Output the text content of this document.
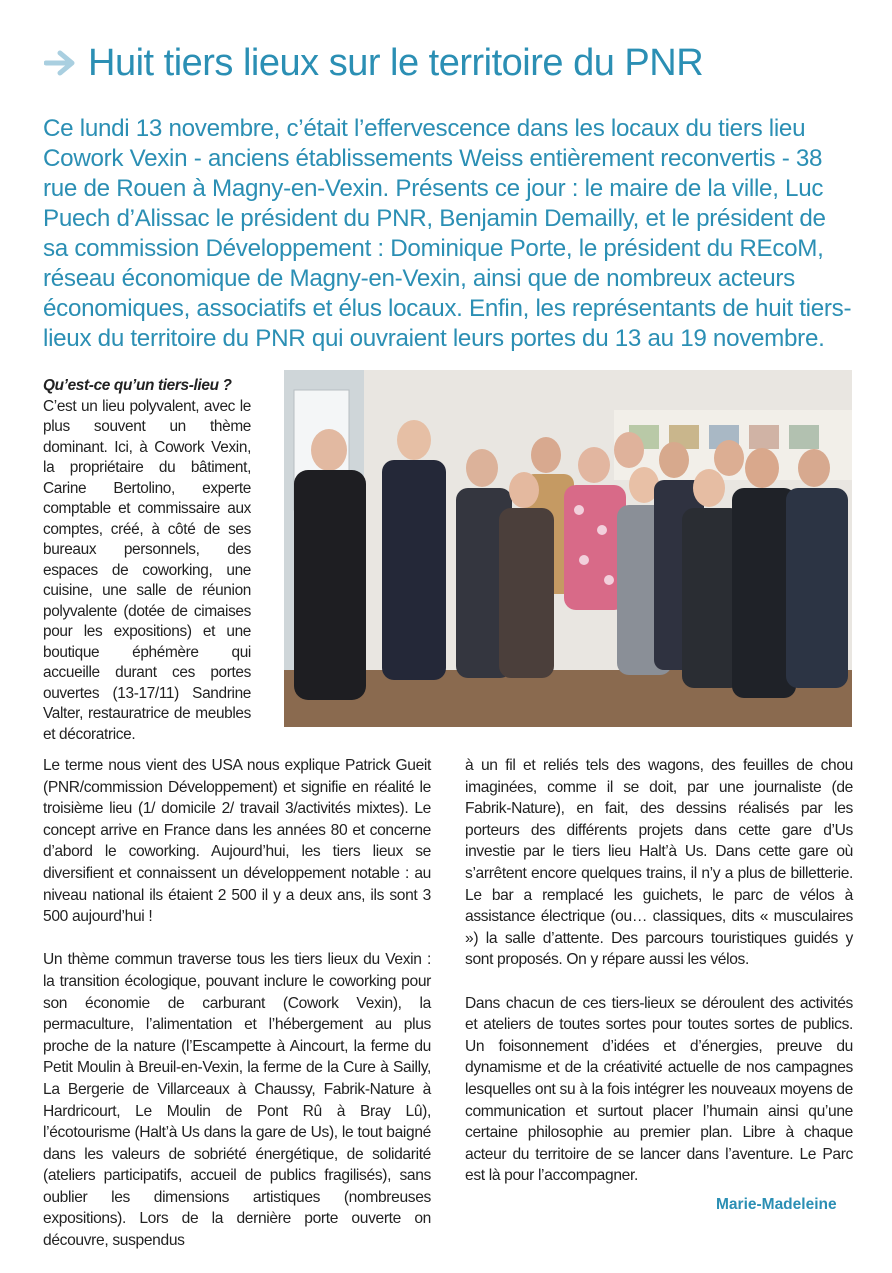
Huit tiers lieux sur le territoire du PNR

Ce lundi 13 novembre, c’était l’effervescence dans les locaux du tiers lieu Cowork Vexin - anciens établissements Weiss entièrement reconvertis - 38 rue de Rouen à Magny-en-Vexin. Présents ce jour : le maire de la ville, Luc Puech d’Alissac le président du PNR, Benjamin Demailly, et le président de sa commission Développement : Dominique Porte, le président du REcoM, réseau économique de Magny-en-Vexin, ainsi que de nombreux acteurs économiques, associatifs et élus locaux. Enfin, les représentants de huit tiers-lieux du territoire du PNR qui ouvraient leurs portes du 13 au 19 novembre.

Qu’est-ce qu’un tiers-lieu ?
C’est un lieu polyvalent, avec le plus souvent un thème dominant. Ici, à Cowork Vexin, la propriétaire du bâtiment, Carine Bertolino, experte comptable et commissaire aux comptes, créé, à côté de ses bureaux personnels, des espaces de coworking, une cuisine, une salle de réunion polyvalente (dotée de cimaises pour les expositions) et une boutique éphémère qui accueille durant ces portes ouvertes (13-17/11) Sandrine Valter, restauratrice de meubles et décoratrice.

Le terme nous vient des USA nous explique Patrick Gueit (PNR/commission Développement) et signifie en réalité le troisième lieu (1/ domicile 2/ travail 3/activités mixtes). Le concept arrive en France dans les années 80 et concerne d’abord le coworking. Aujourd’hui, les tiers lieux se diversifient et connaissent un développement notable : au niveau national ils étaient 2 500 il y a deux ans, ils sont 3 500 aujourd’hui !

Un thème commun traverse tous les tiers lieux du Vexin : la transition écologique, pouvant inclure le coworking pour son économie de carburant (Cowork Vexin), la permaculture, l’alimentation et l’hébergement au plus proche de la nature (l’Escampette à Aincourt, la ferme du Petit Moulin à Breuil-en-Vexin, la ferme de la Cure à Sailly, La Bergerie de Villarceaux à Chaussy, Fabrik-Nature à Hardricourt, Le Moulin de Pont Rû à Bray Lû), l’écotourisme (Halt’à Us dans la gare de Us), le tout baigné dans les valeurs de sobriété énergétique, de solidarité (ateliers participatifs, accueil de publics fragilisés), sans oublier les dimensions artistiques (nombreuses expositions). Lors de la dernière porte ouverte on découvre, suspendus

à un fil et reliés tels des wagons, des feuilles de chou imaginées, comme il se doit, par une journaliste (de Fabrik-Nature), en fait, des dessins réalisés par les porteurs des différents projets dans cette gare d’Us investie par le tiers lieu Halt’à Us. Dans cette gare où s’arrêtent encore quelques trains, il n’y a plus de billetterie. Le bar a remplacé les guichets, le parc de vélos à assistance électrique (ou… classiques, dits « musculaires ») la salle d’attente. Des parcours touristiques guidés y sont proposés. On y répare aussi les vélos.

Dans chacun de ces tiers-lieux se déroulent des activités et ateliers de toutes sortes pour toutes sortes de publics. Un foisonnement d’idées et d’énergies, preuve du dynamisme et de la créativité actuelle de nos campagnes lesquelles ont su à la fois intégrer les nouveaux moyens de communication et surtout placer l’humain ainsi qu’une certaine philosophie au premier plan. Libre à chaque acteur du territoire de se lancer dans l’aventure. Le Parc est là pour l’accompagner.

Marie-Madeleine
